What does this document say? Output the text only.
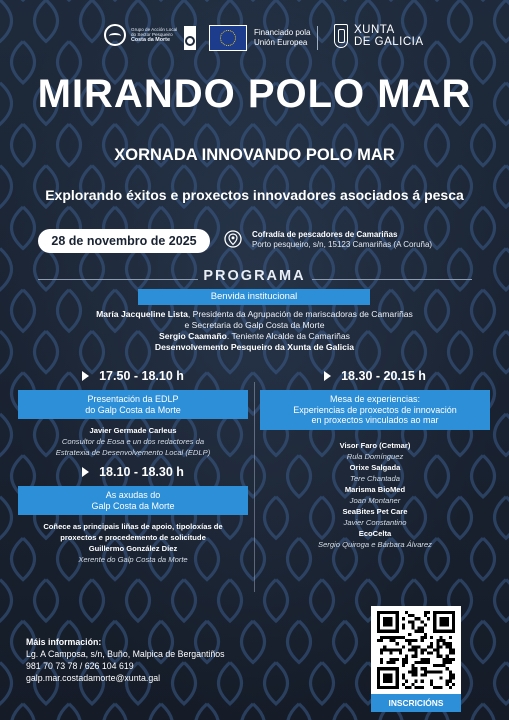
Grupo de Acción Local
do Sector Pesqueiro
Costa da Morte
Financiado pola
Unión Europea
XUNTA
DE GALICIA
MIRANDO POLO MAR
XORNADA INNOVANDO POLO MAR
Explorando éxitos e proxectos innovadores asociados á pesca
28 de novembro de 2025	Cofradía de pescadores de Camariñas
Porto pesqueiro, s/n, 15123 Camariñas (A Coruña)
PROGRAMA
Benvida institucional
María Jacqueline Lista, Presidenta da Agrupación de mariscadoras de Camariñas
e Secretaria do Galp Costa da Morte
Sergio Caamaño. Teniente Alcalde da Camariñas
Desenvolvemento Pesqueiro da Xunta de Galicia
17.50 - 18.10 h
Presentación da EDLP
do Galp Costa da Morte
Javier Germade Carleus
Consultor de Eosa e un dos redactores da
Estratexia de Desenvolvemento Local (EDLP)
18.10 - 18.30 h
As axudas do
Galp Costa da Morte
Coñece as principais liñas de apoio, tipoloxías de
proxectos e procedemento de solicitude
Guillermo González Díez
Xerente do Galp Costa da Morte
18.30 - 20.15 h
Mesa de experiencias:
Experiencias de proxectos de innovación
en proxectos vinculados ao mar
Visor Faro (Cetmar)
Rula Domínguez
Orixe Salgada
Tere Chantada
Marisma BioMed
Joan Montaner
SeaBites Pet Care
Javier Constantino
EcoCelta
Sergio Quiroga e Bárbara Álvarez
Máis información:
Lg. A Camposa, s/n, Buño, Malpica de Bergantiños
981 70 73 78 / 626 104 619
galp.mar.costadamorte@xunta.gal
INSCRICIÓNS
